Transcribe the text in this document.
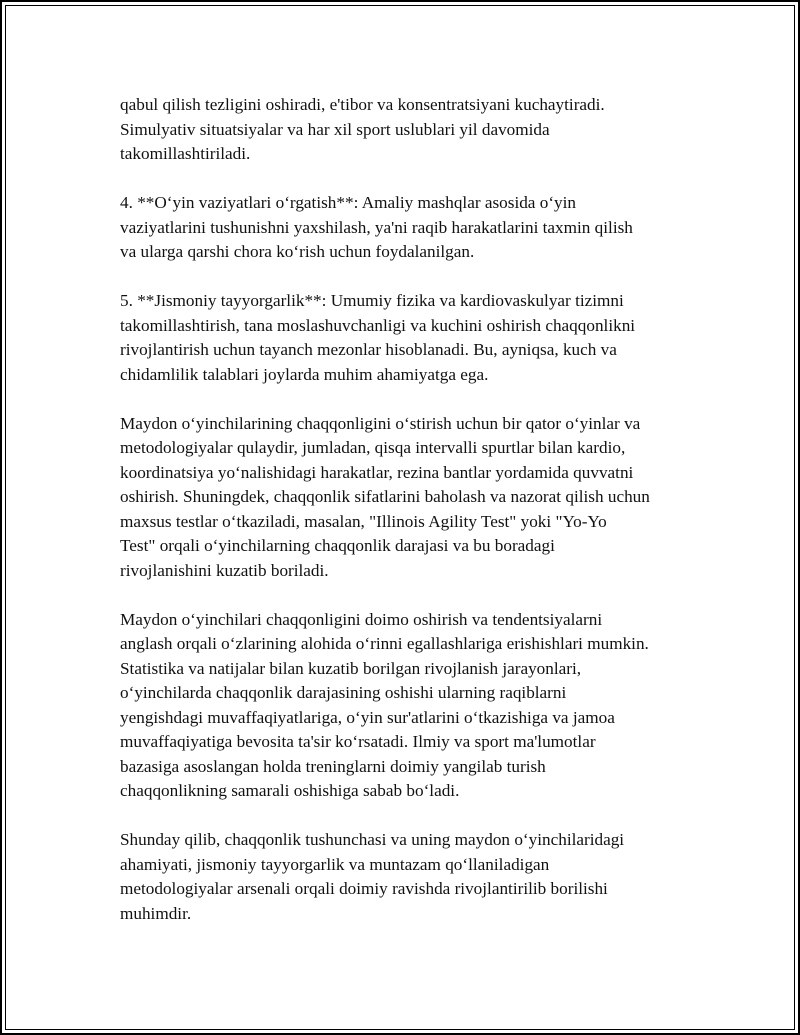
qabul qilish tezligini oshiradi, e'tibor va konsentratsiyani kuchaytiradi.
Simulyativ situatsiyalar va har xil sport uslublari yil davomida
takomillashtiriladi.

4. **O‘yin vaziyatlari o‘rgatish**: Amaliy mashqlar asosida o‘yin
vaziyatlarini tushunishni yaxshilash, ya'ni raqib harakatlarini taxmin qilish
va ularga qarshi chora ko‘rish uchun foydalanilgan.

5. **Jismoniy tayyorgarlik**: Umumiy fizika va kardiovaskulyar tizimni
takomillashtirish, tana moslashuvchanligi va kuchini oshirish chaqqonlikni
rivojlantirish uchun tayanch mezonlar hisoblanadi. Bu, ayniqsa, kuch va
chidamlilik talablari joylarda muhim ahamiyatga ega.

Maydon o‘yinchilarining chaqqonligini o‘stirish uchun bir qator o‘yinlar va
metodologiyalar qulaydir, jumladan, qisqa intervalli spurtlar bilan kardio,
koordinatsiya yo‘nalishidagi harakatlar, rezina bantlar yordamida quvvatni
oshirish. Shuningdek, chaqqonlik sifatlarini baholash va nazorat qilish uchun
maxsus testlar o‘tkaziladi, masalan, "Illinois Agility Test" yoki "Yo-Yo
Test" orqali o‘yinchilarning chaqqonlik darajasi va bu boradagi
rivojlanishini kuzatib boriladi.

Maydon o‘yinchilari chaqqonligini doimo oshirish va tendentsiyalarni
anglash orqali o‘zlarining alohida o‘rinni egallashlariga erishishlari mumkin.
Statistika va natijalar bilan kuzatib borilgan rivojlanish jarayonlari,
o‘yinchilarda chaqqonlik darajasining oshishi ularning raqiblarni
yengishdagi muvaffaqiyatlariga, o‘yin sur'atlarini o‘tkazishiga va jamoa
muvaffaqiyatiga bevosita ta'sir ko‘rsatadi. Ilmiy va sport ma'lumotlar
bazasiga asoslangan holda treninglarni doimiy yangilab turish
chaqqonlikning samarali oshishiga sabab bo‘ladi.

Shunday qilib, chaqqonlik tushunchasi va uning maydon o‘yinchilaridagi
ahamiyati, jismoniy tayyorgarlik va muntazam qo‘llaniladigan
metodologiyalar arsenali orqali doimiy ravishda rivojlantirilib borilishi
muhimdir.
